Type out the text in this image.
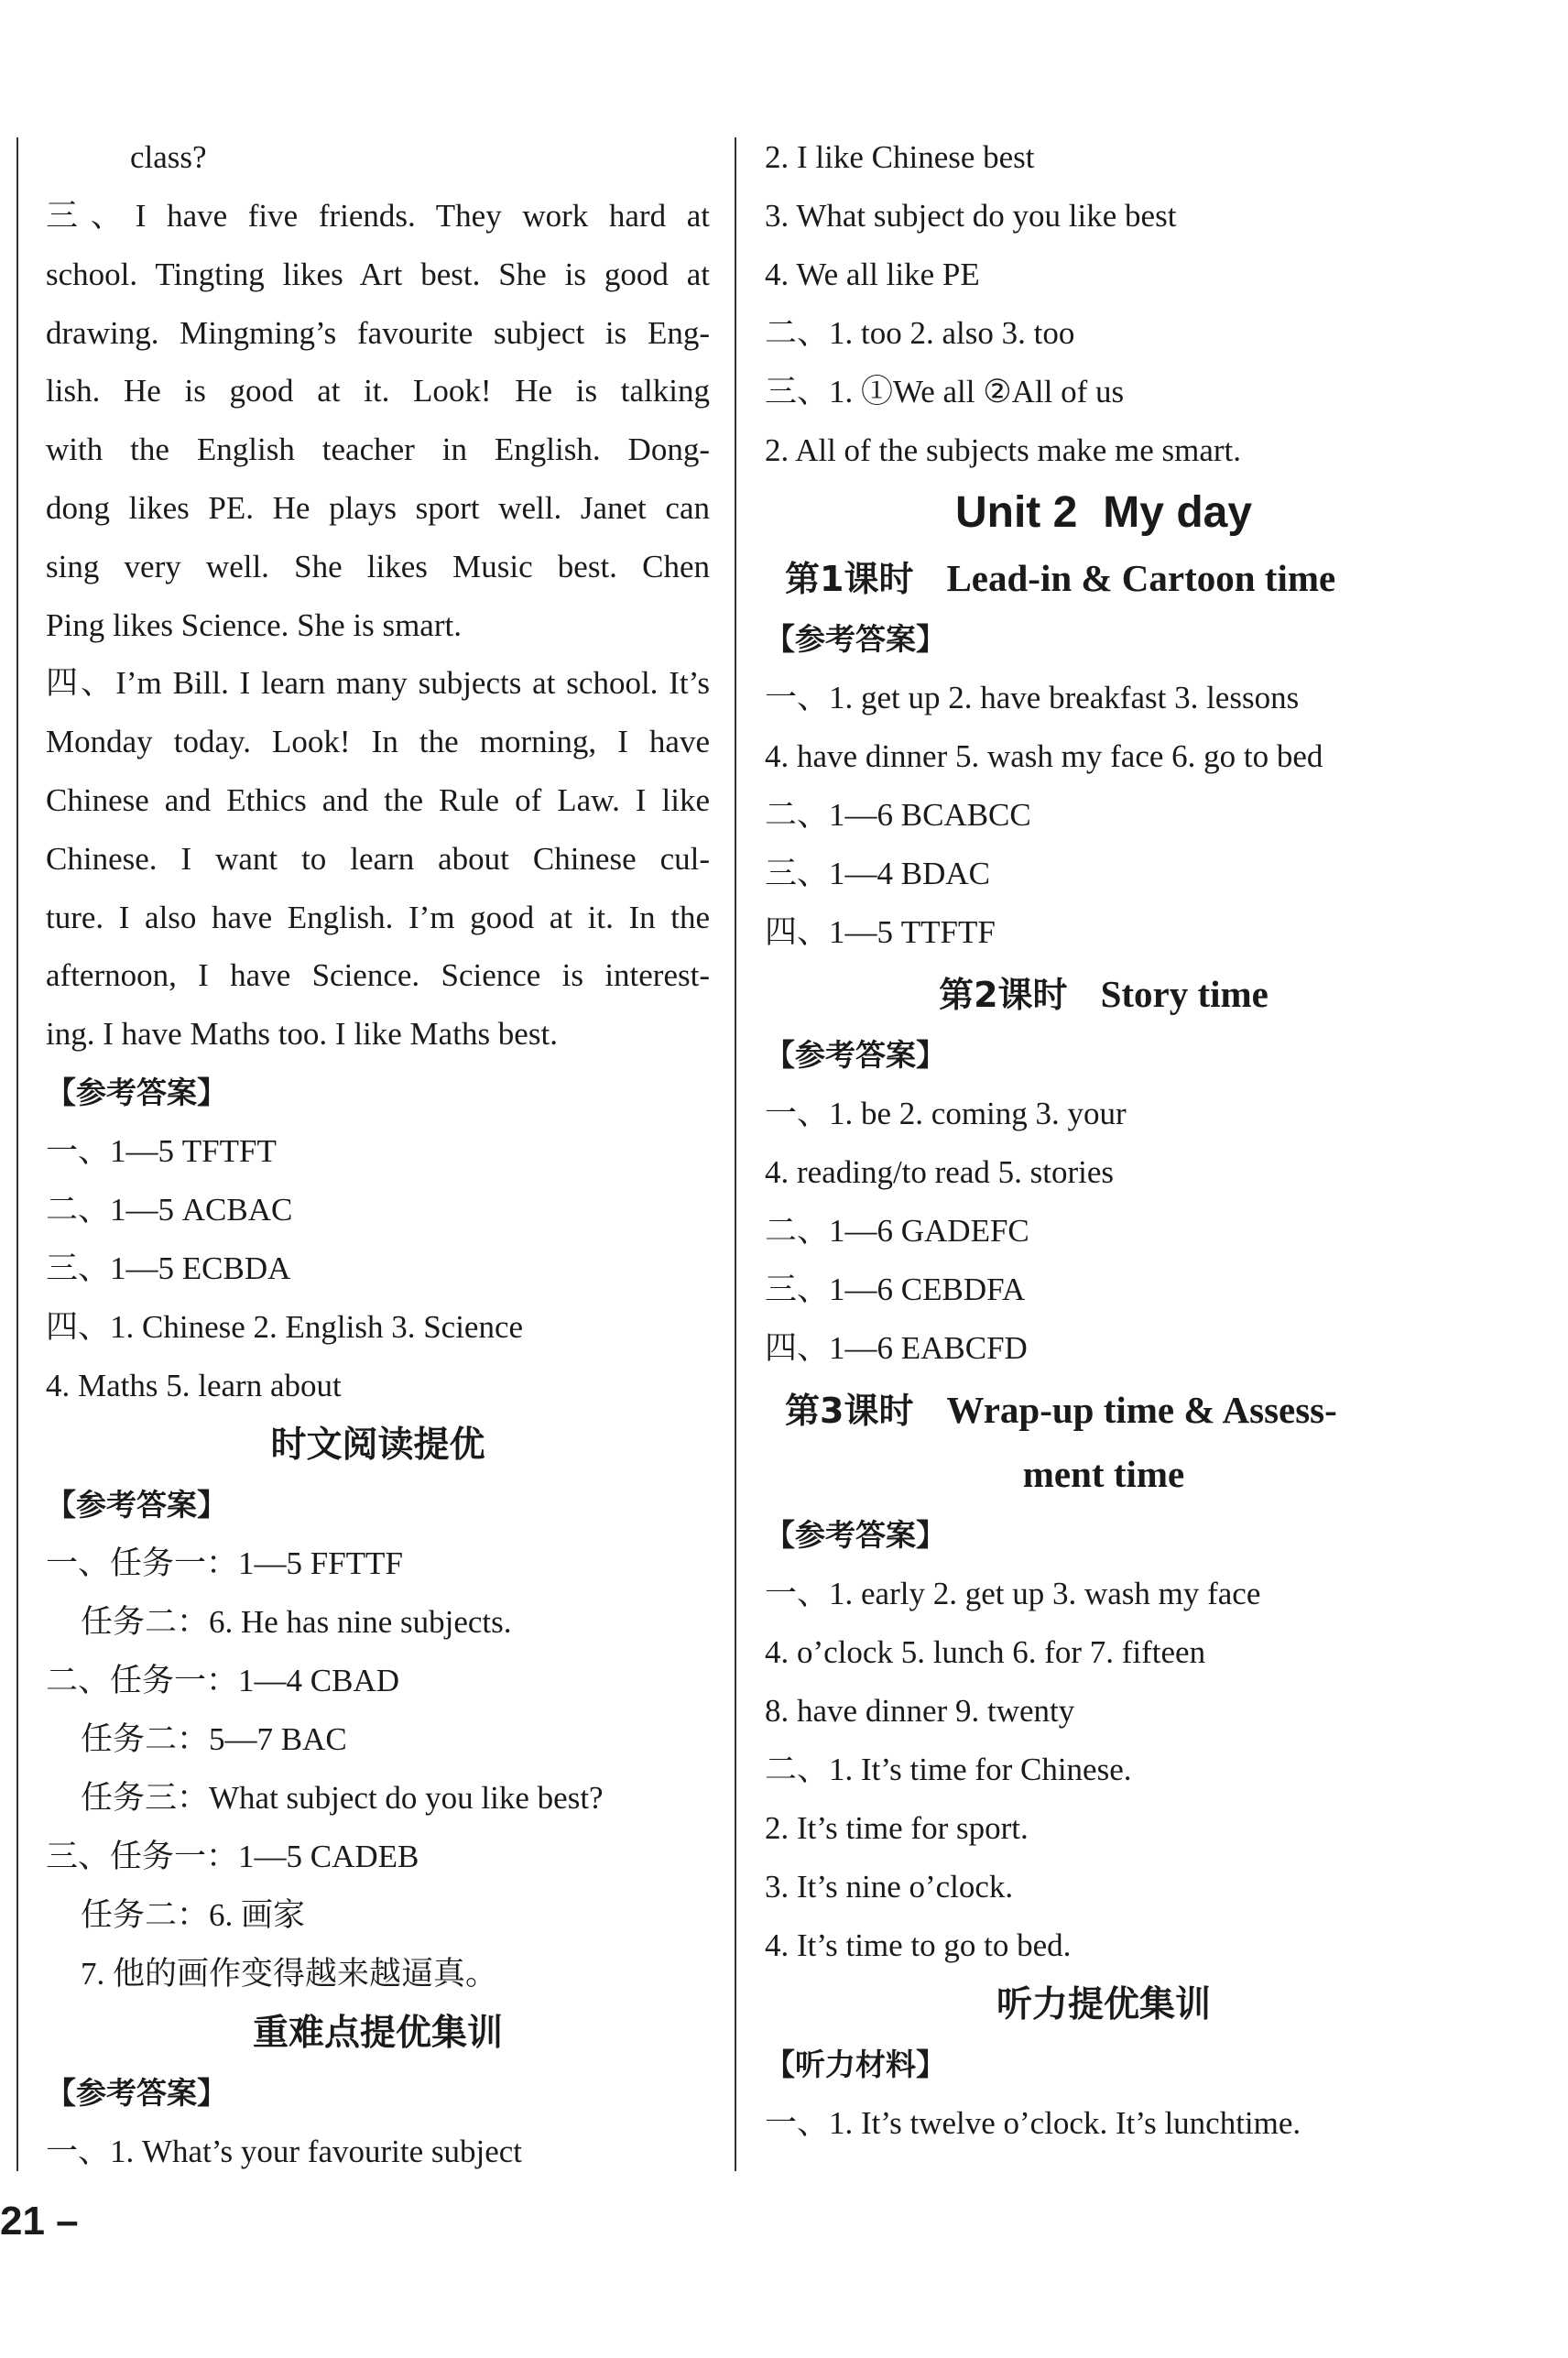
class?
三、I have five friends. They work hard at
school. Tingting likes Art best. She is good at
drawing. Mingming’s favourite subject is Eng-
lish. He is good at it. Look! He is talking
with the English teacher in English. Dong-
dong likes PE. He plays sport well. Janet can
sing very well. She likes Music best. Chen
Ping likes Science. She is smart.
四、I’m Bill. I learn many subjects at school. It’s
Monday today. Look! In the morning, I have
Chinese and Ethics and the Rule of Law. I like
Chinese. I want to learn about Chinese cul-
ture. I also have English. I’m good at it. In the
afternoon, I have Science. Science is interest-
ing. I have Maths too. I like Maths best.
【参考答案】
一、1—5 TFTFT
二、1—5 ACBAC
三、1—5 ECBDA
四、1. Chinese 2. English 3. Science
4. Maths 5. learn about
时文阅读提优
【参考答案】
一、任务一：1—5 FFTTF
任务二：6. He has nine subjects.
二、任务一：1—4 CBAD
任务二：5—7 BAC
任务三：What subject do you like best?
三、任务一：1—5 CADEB
任务二：6. 画家
7. 他的画作变得越来越逼真。
重难点提优集训
【参考答案】
一、1. What’s your favourite subject
2. I like Chinese best
3. What subject do you like best
4. We all like PE
二、1. too 2. also 3. too
三、1. ①We all ②All of us
2. All of the subjects make me smart.
Unit 2 My day
第1课时 Lead-in & Cartoon time
【参考答案】
一、1. get up 2. have breakfast 3. lessons
4. have dinner 5. wash my face 6. go to bed
二、1—6 BCABCC
三、1—4 BDAC
四、1—5 TTFTF
第2课时 Story time
【参考答案】
一、1. be 2. coming 3. your
4. reading/to read 5. stories
二、1—6 GADEFC
三、1—6 CEBDFA
四、1—6 EABCFD
第3课时 Wrap-up time & Assess-
ment time
【参考答案】
一、1. early 2. get up 3. wash my face
4. o’clock 5. lunch 6. for 7. fifteen
8. have dinner 9. twenty
二、1. It’s time for Chinese.
2. It’s time for sport.
3. It’s nine o’clock.
4. It’s time to go to bed.
听力提优集训
【听力材料】
一、1. It’s twelve o’clock. It’s lunchtime.
21 –
